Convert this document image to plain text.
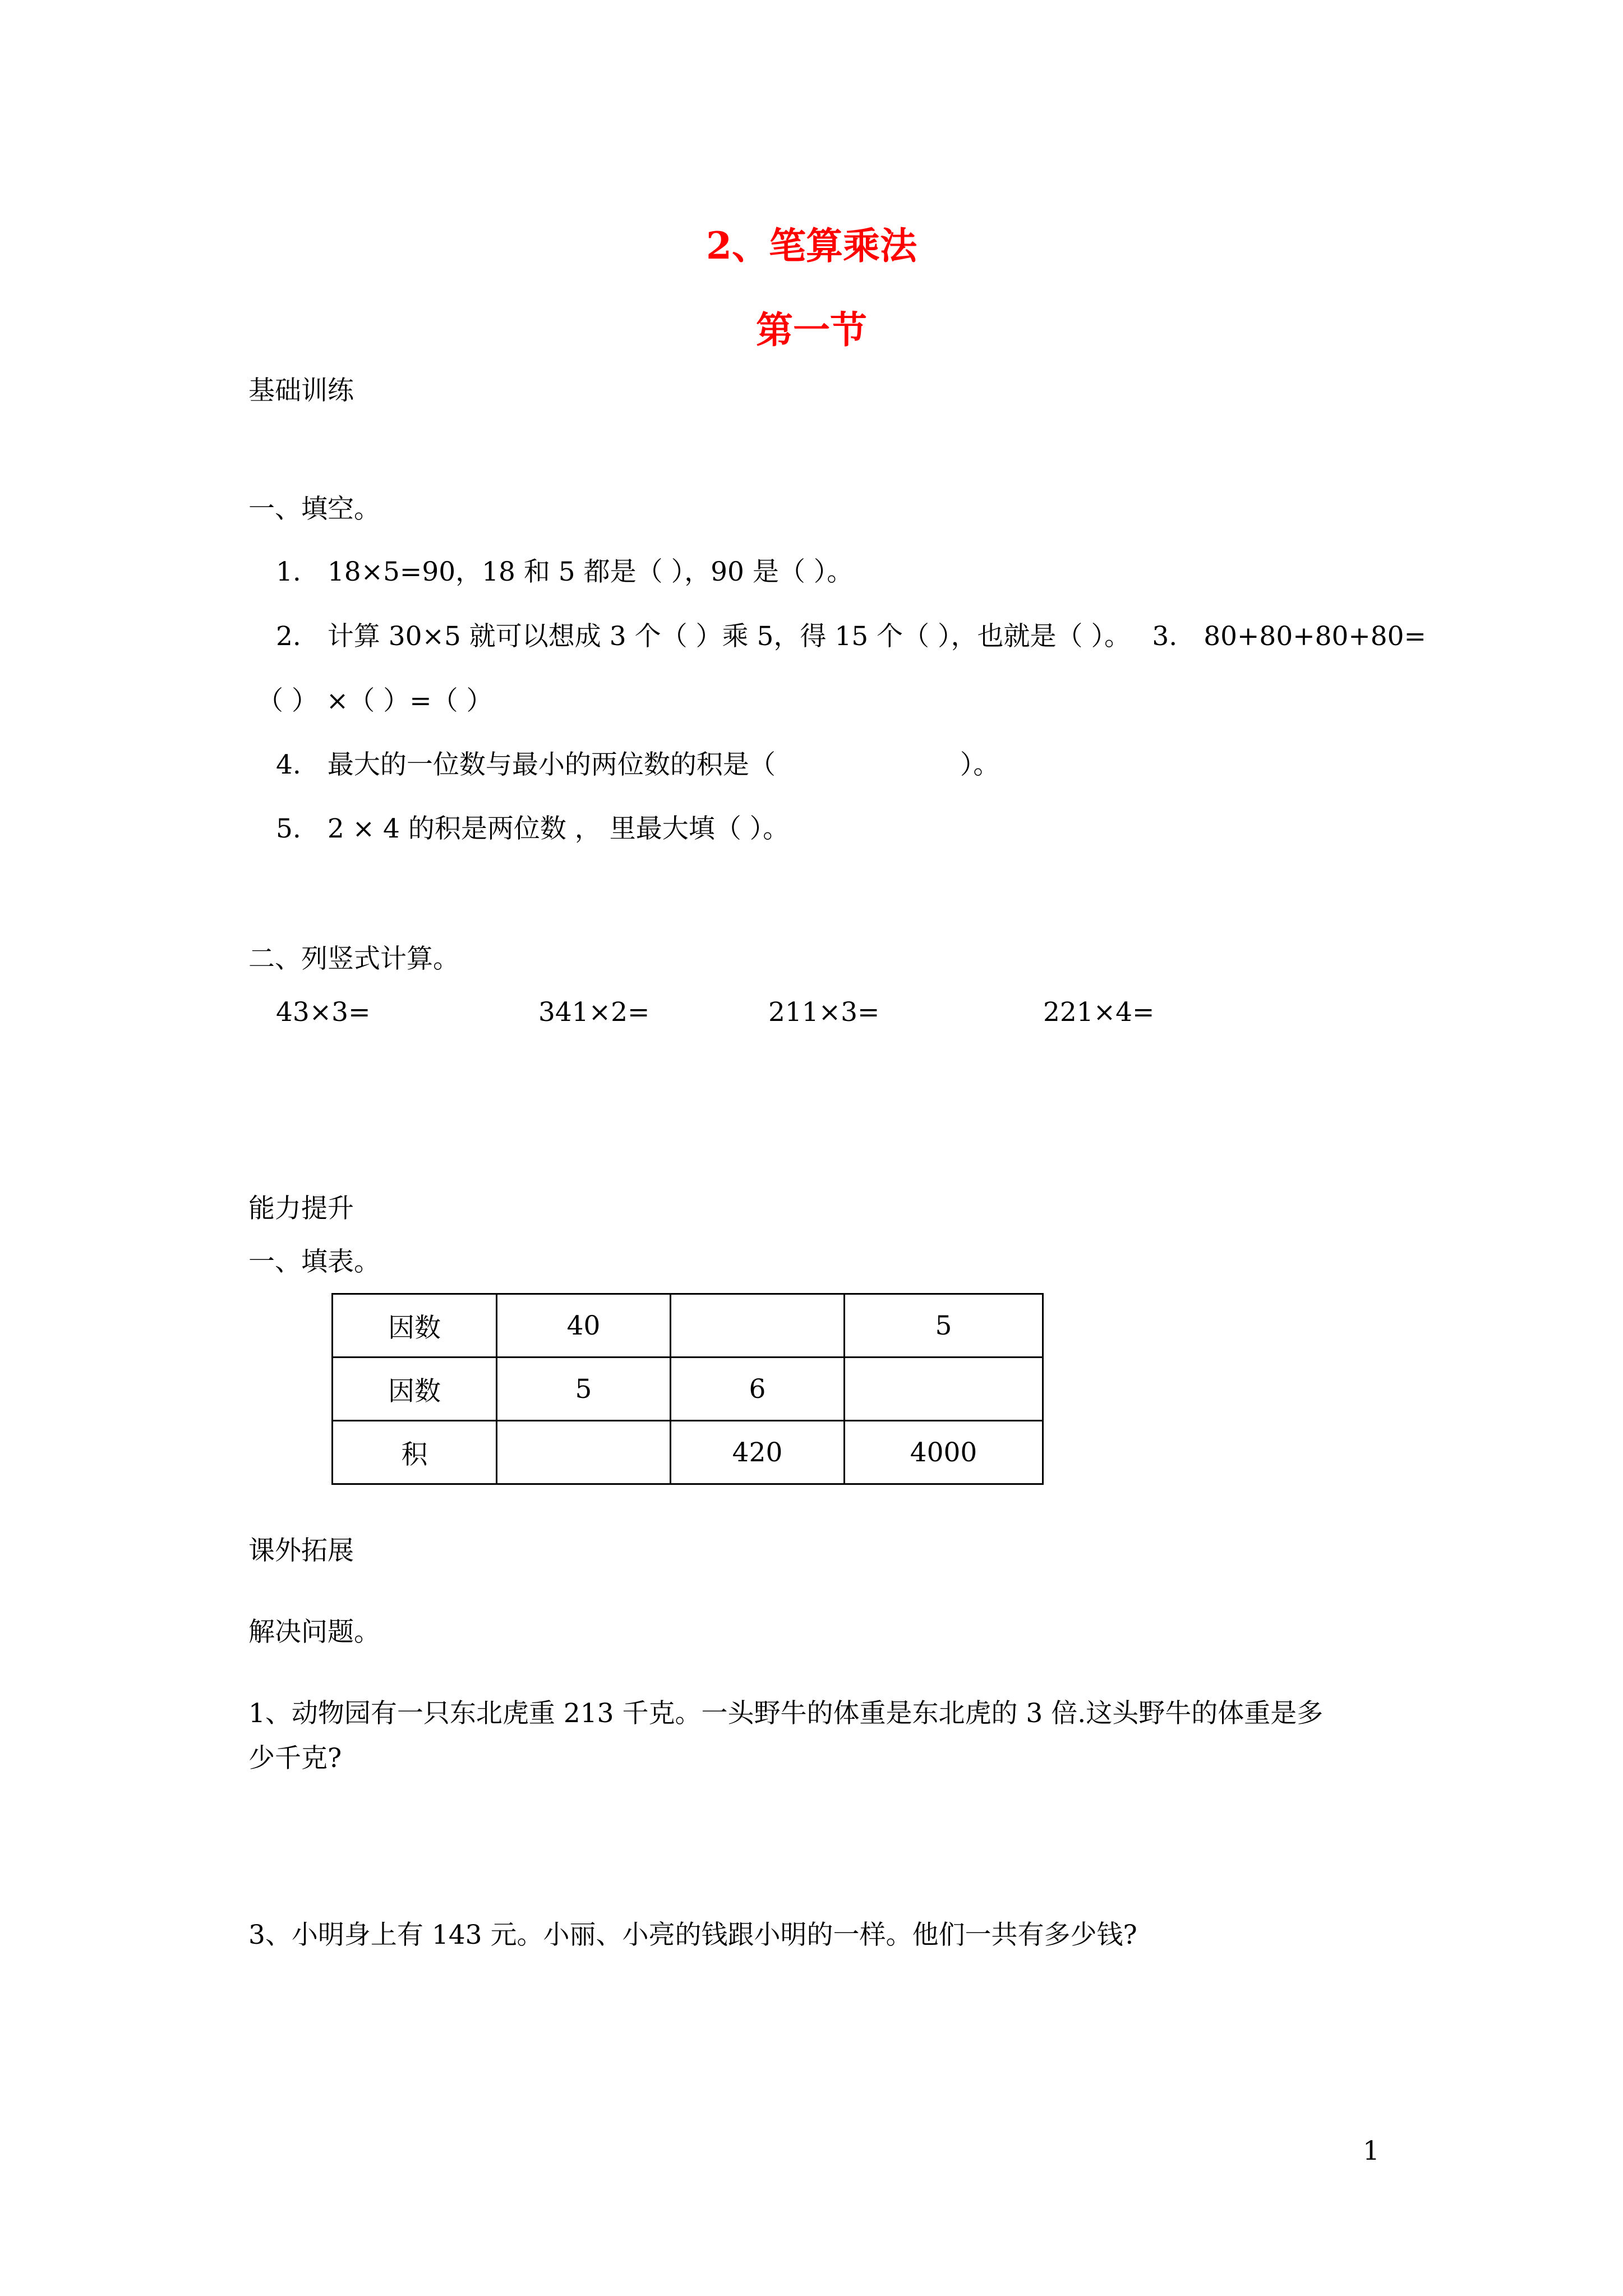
2、笔算乘法
第一节
基础训练
一、填空。
1.　18×5=90，18 和 5 都是（ ），90 是（ ）。
2.　计算 30×5 就可以想成 3 个（ ）乘 5，得 15 个（ ），也就是（ ）。　 3.　80+80+80+80=
（ ） ×（ ）=（ ）
4.　最大的一位数与最小的两位数的积是（　　　　　　　）。
5.　2 × 4 的积是两位数 ， 里最大填（ ）。
二、列竖式计算。
43×3=	341×2=	211×3=	221×4=
能力提升
一、填表。
因数	40		5
因数	5	6	
积		420	4000
课外拓展
解决问题。
1、动物园有一只东北虎重 213 千克。一头野牛的体重是东北虎的 3 倍.这头野牛的体重是多
少千克?
3、小明身上有 143 元。小丽、小亮的钱跟小明的一样。他们一共有多少钱?
1
